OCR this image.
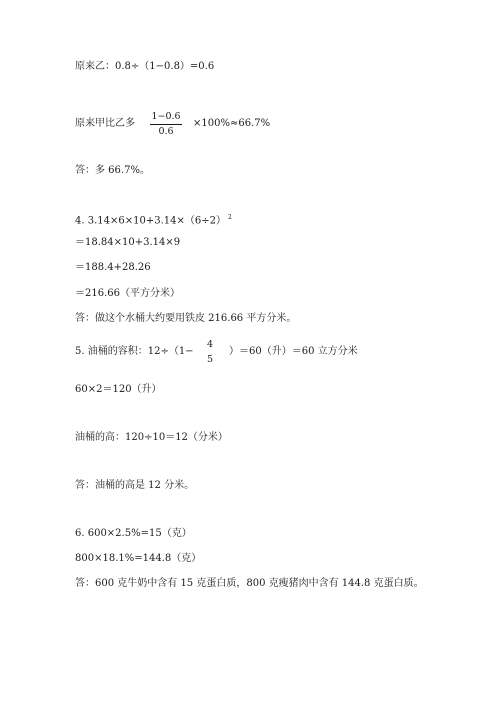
原来乙：0.8÷（1−0.8）=0.6
原来甲比乙多
1−0.6
0.6
×100%≈66.7%
答：多 66.7%。
4. 3.14×6×10+3.14×（6÷2） $^2$
＝18.84×10+3.14×9
＝188.4+28.26
＝216.66（平方分米）
答：做这个水桶大约要用铁皮 216.66 平方分米。
5. 油桶的容积：12÷（1−
4
5
）＝60（升）＝60 立方分米
60×2＝120（升）
油桶的高：120÷10＝12（分米）
答：油桶的高是 12 分米。
6. 600×2.5%=15（克）
800×18.1%=144.8（克）
答：600 克牛奶中含有 15 克蛋白质，800 克瘦猪肉中含有 144.8 克蛋白质。
